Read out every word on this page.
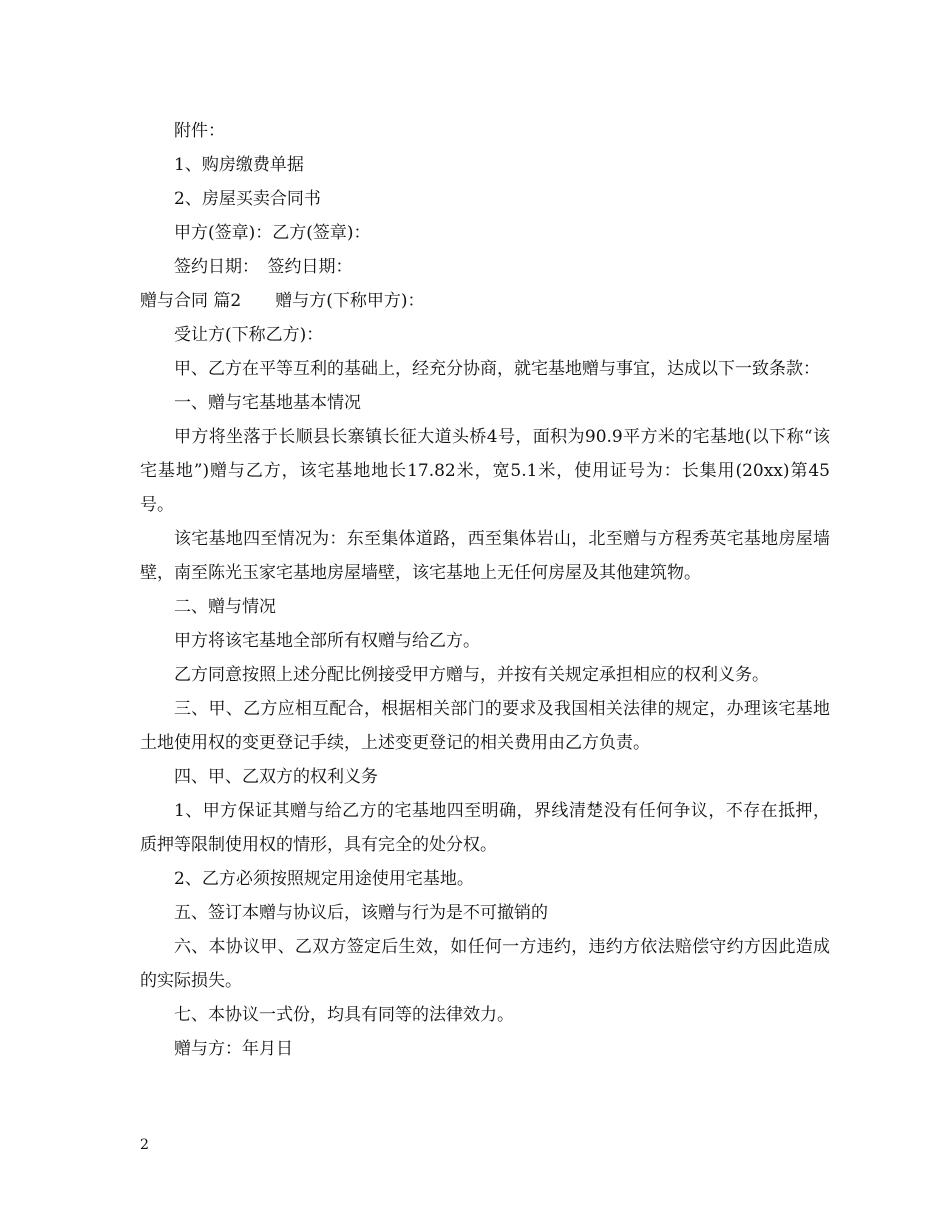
附件：

1、购房缴费单据

2、房屋买卖合同书

甲方(签章)：乙方(签章)：

签约日期：　签约日期：

赠与合同 篇2 赠与方(下称甲方)：

受让方(下称乙方)：

甲、乙方在平等互利的基础上，经充分协商，就宅基地赠与事宜，达成以下一致条款：

一、赠与宅基地基本情况

甲方将坐落于长顺县长寨镇长征大道头桥4号，面积为90.9平方米的宅基地(以下称“该宅基地”)赠与乙方，该宅基地地长17.82米，宽5.1米，使用证号为：长集用(20xx)第45号。

该宅基地四至情况为：东至集体道路，西至集体岩山，北至赠与方程秀英宅基地房屋墙壁，南至陈光玉家宅基地房屋墙壁，该宅基地上无任何房屋及其他建筑物。

二、赠与情况

甲方将该宅基地全部所有权赠与给乙方。

乙方同意按照上述分配比例接受甲方赠与，并按有关规定承担相应的权利义务。

三、甲、乙方应相互配合，根据相关部门的要求及我国相关法律的规定，办理该宅基地土地使用权的变更登记手续，上述变更登记的相关费用由乙方负责。

四、甲、乙双方的权利义务

1、甲方保证其赠与给乙方的宅基地四至明确，界线清楚没有任何争议，不存在抵押，质押等限制使用权的情形，具有完全的处分权。

2、乙方必须按照规定用途使用宅基地。

五、签订本赠与协议后，该赠与行为是不可撤销的

六、本协议甲、乙双方签定后生效，如任何一方违约，违约方依法赔偿守约方因此造成的实际损失。

七、本协议一式份，均具有同等的法律效力。

赠与方：年月日

2
